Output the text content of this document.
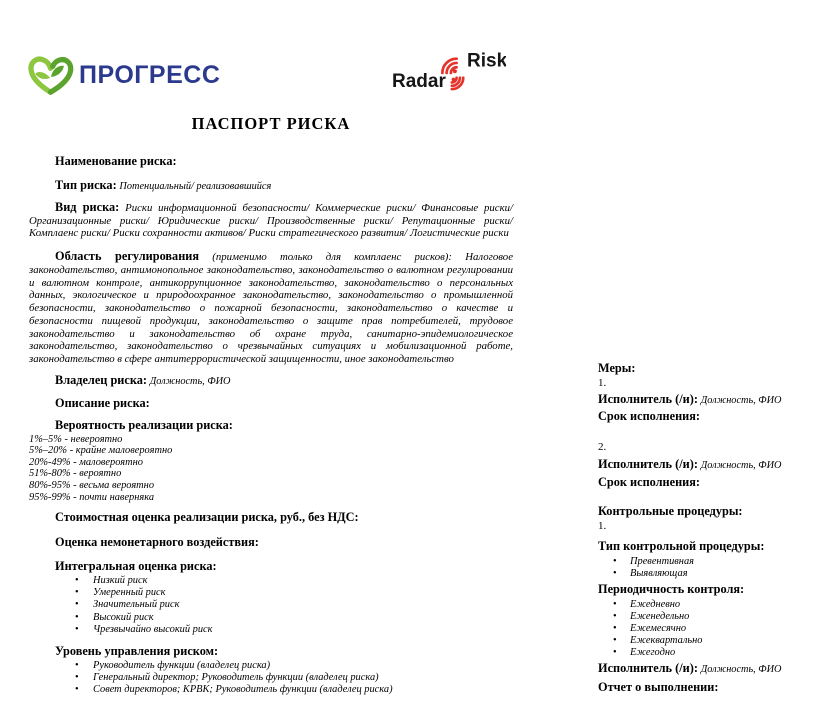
ПРОГРЕСС	Radar
Risk
ПАСПОРТ РИСКА

Наименование риска:

Тип риска: Потенциальный/ реализовавшийся

Вид риска: Риски информационной безопасности/ Коммерческие риски/ Финансовые риски/ Организационные риски/ Юридические риски/ Производственные риски/ Репутационные риски/ Комплаенс риски/ Риски сохранности активов/ Риски стратегического развития/ Логистические риски

Область регулирования (применимо только для комплаенс рисков): Налоговое законодательство, антимонопольное законодательство, законодательство о валютном регулировании и валютном контроле, антикоррупционное законодательство, законодательство о персональных данных, экологическое и природоохранное законодательство, законодательство о промышленной безопасности, законодательство о пожарной безопасности, законодательство о качестве и безопасности пищевой продукции, законодательство о защите прав потребителей, трудовое законодательство и законодательство об охране труда, санитарно-эпидемиологическое законодательство, законодательство о чрезвычайных ситуациях и мобилизационной работе, законодательство в сфере антитеррористической защищенности, иное законодательство

Владелец риска: Должность, ФИО

Описание риска:

Вероятность реализации риска:

1%–5% - невероятно
5%–20% - крайне маловероятно
20%-49% - маловероятно
51%-80% - вероятно
80%-95% - весьма вероятно
95%-99% - почти наверняка

Стоимостная оценка реализации риска, руб., без НДС:

Оценка немонетарного воздействия:

Интегральная оценка риска:

• Низкий риск
• Умеренный риск
• Значительный риск
• Высокий риск
• Чрезвычайно высокий риск

Уровень управления риском:

• Руководитель функции (владелец риска)
• Генеральный директор; Руководитель функции (владелец риска)
• Совет директоров; КРВК; Руководитель функции (владелец риска)
Меры:
1.
Исполнитель (/и): Должность, ФИО
Срок исполнения:
2.
Исполнитель (/и): Должность, ФИО
Срок исполнения:
Контрольные процедуры:
1.
Тип контрольной процедуры:
• Превентивная
• Выявляющая
Периодичность контроля:
• Ежедневно
• Еженедельно
• Ежемесячно
• Ежеквартально
• Ежегодно
Исполнитель (/и): Должность, ФИО
Отчет о выполнении:
